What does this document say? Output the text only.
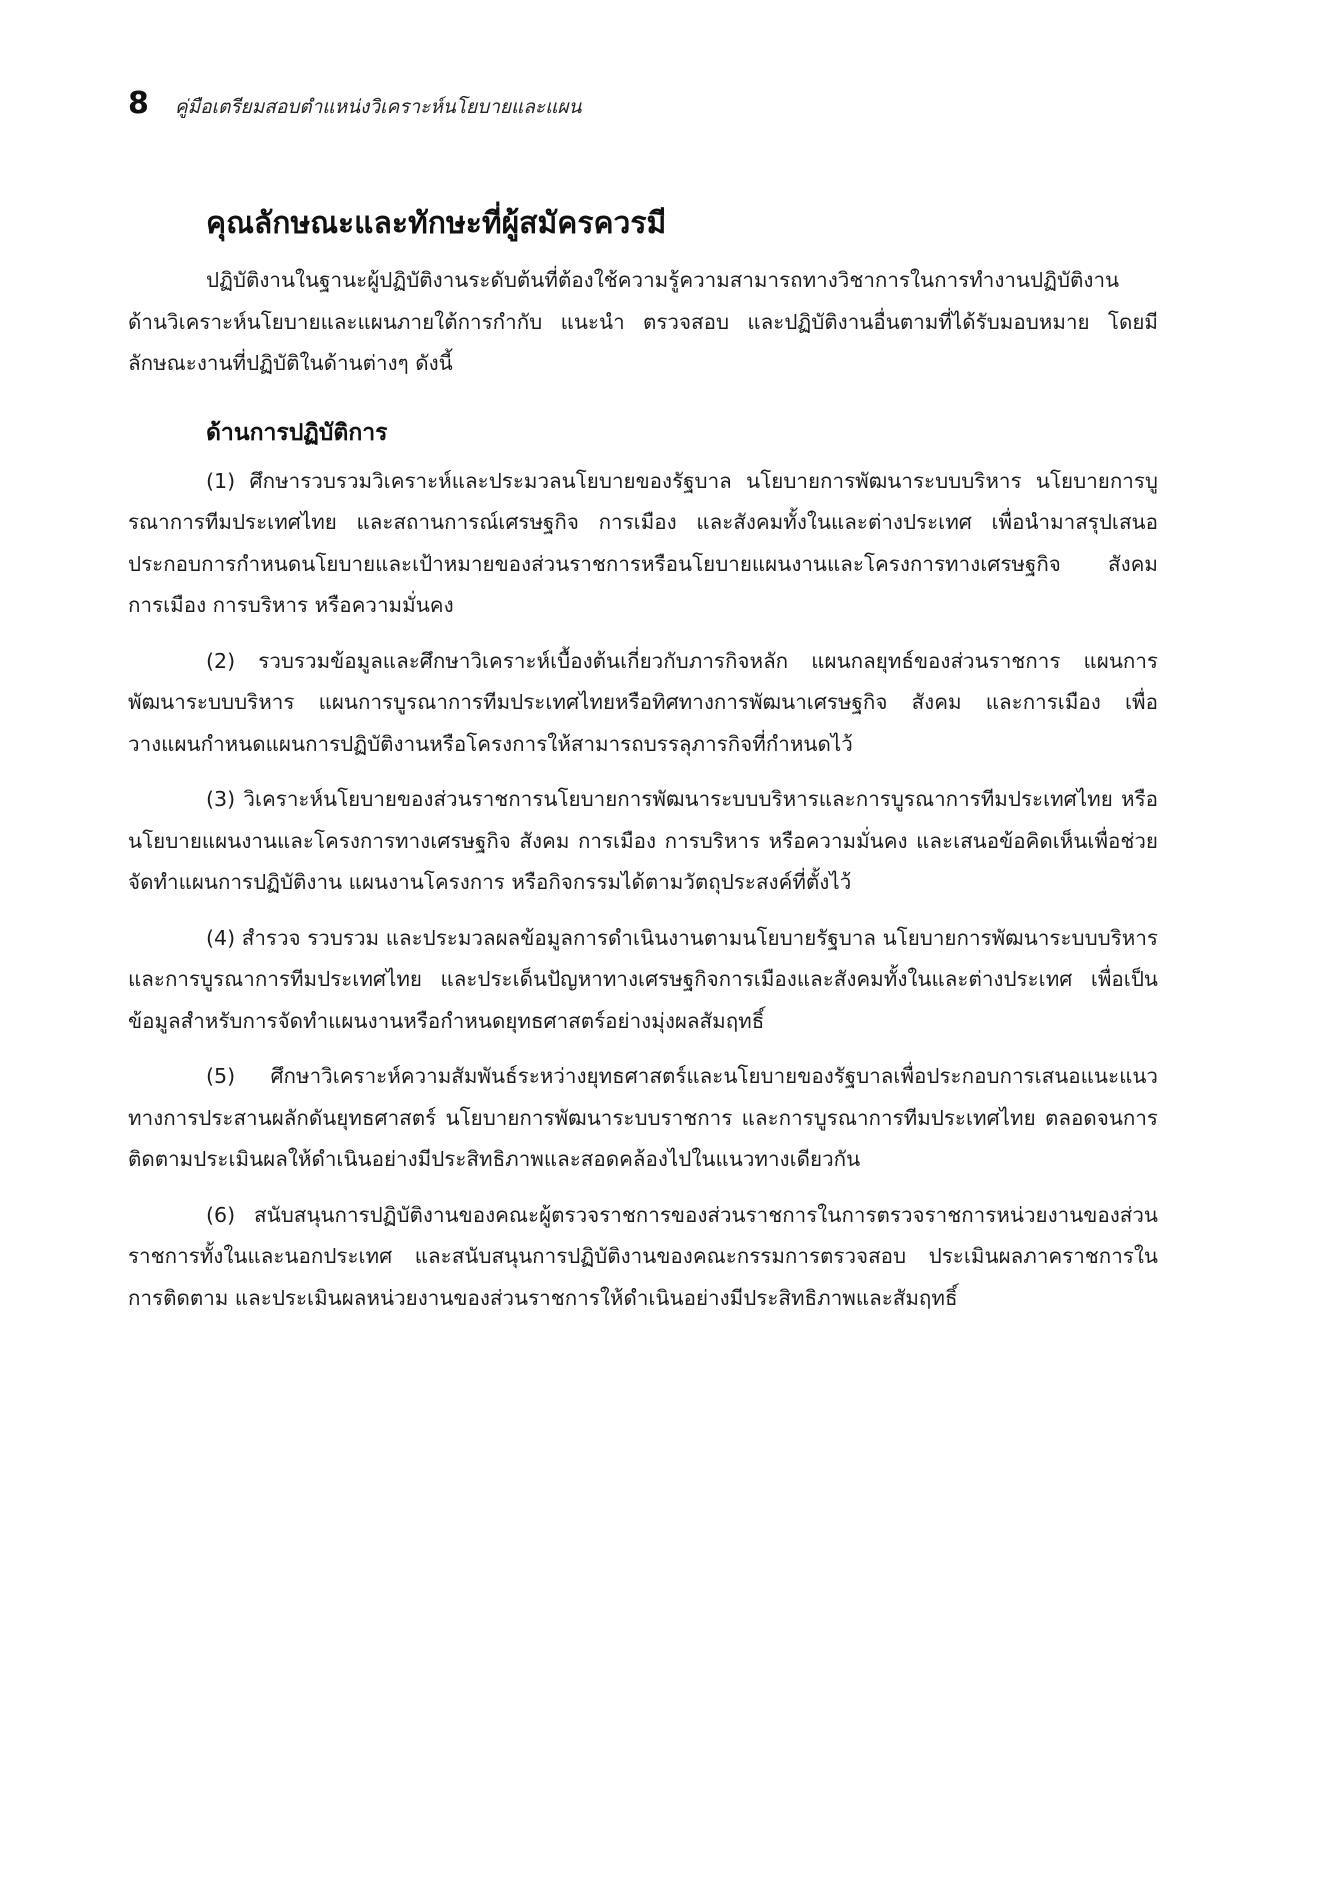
8 คู่มือเตรียมสอบตำแหน่งวิเคราะห์นโยบายและแผน
คุณลักษณะและทักษะที่ผู้สมัครควรมี

ปฏิบัติงานในฐานะผู้ปฏิบัติงานระดับต้นที่ต้องใช้ความรู้ความสามารถทางวิชาการในการทำงานปฏิบัติงานด้านวิเคราะห์นโยบายและแผนภายใต้การกำกับ แนะนำ ตรวจสอบ และปฏิบัติงานอื่นตามที่ได้รับมอบหมาย โดยมีลักษณะงานที่ปฏิบัติในด้านต่างๆ ดังนี้

ด้านการปฏิบัติการ

(1) ศึกษารวบรวมวิเคราะห์และประมวลนโยบายของรัฐบาล นโยบายการพัฒนาระบบบริหาร นโยบายการบูรณาการทีมประเทศไทย และสถานการณ์เศรษฐกิจ การเมือง และสังคมทั้งในและต่างประเทศ เพื่อนำมาสรุปเสนอประกอบการกำหนดนโยบายและเป้าหมายของส่วนราชการหรือนโยบายแผนงานและโครงการทางเศรษฐกิจ สังคม การเมือง การบริหาร หรือความมั่นคง

(2) รวบรวมข้อมูลและศึกษาวิเคราะห์เบื้องต้นเกี่ยวกับภารกิจหลัก แผนกลยุทธ์ของส่วนราชการ แผนการพัฒนาระบบบริหาร แผนการบูรณาการทีมประเทศไทยหรือทิศทางการพัฒนาเศรษฐกิจ สังคม และการเมือง เพื่อวางแผนกำหนดแผนการปฏิบัติงานหรือโครงการให้สามารถบรรลุภารกิจที่กำหนดไว้

(3) วิเคราะห์นโยบายของส่วนราชการนโยบายการพัฒนาระบบบริหารและการบูรณาการทีมประเทศไทย หรือนโยบายแผนงานและโครงการทางเศรษฐกิจ สังคม การเมือง การบริหาร หรือความมั่นคง และเสนอข้อคิดเห็นเพื่อช่วยจัดทำแผนการปฏิบัติงาน แผนงานโครงการ หรือกิจกรรมได้ตามวัตถุประสงค์ที่ตั้งไว้

(4) สำรวจ รวบรวม และประมวลผลข้อมูลการดำเนินงานตามนโยบายรัฐบาล นโยบายการพัฒนาระบบบริหารและการบูรณาการทีมประเทศไทย และประเด็นปัญหาทางเศรษฐกิจการเมืองและสังคมทั้งในและต่างประเทศ เพื่อเป็นข้อมูลสำหรับการจัดทำแผนงานหรือกำหนดยุทธศาสตร์อย่างมุ่งผลสัมฤทธิ์

(5) ศึกษาวิเคราะห์ความสัมพันธ์ระหว่างยุทธศาสตร์และนโยบายของรัฐบาลเพื่อประกอบการเสนอแนะแนวทางการประสานผลักดันยุทธศาสตร์ นโยบายการพัฒนาระบบราชการ และการบูรณาการทีมประเทศไทย ตลอดจนการติดตามประเมินผลให้ดำเนินอย่างมีประสิทธิภาพและสอดคล้องไปในแนวทางเดียวกัน

(6) สนับสนุนการปฏิบัติงานของคณะผู้ตรวจราชการของส่วนราชการในการตรวจราชการหน่วยงานของส่วนราชการทั้งในและนอกประเทศ และสนับสนุนการปฏิบัติงานของคณะกรรมการตรวจสอบ ประเมินผลภาคราชการในการติดตาม และประเมินผลหน่วยงานของส่วนราชการให้ดำเนินอย่างมีประสิทธิภาพและสัมฤทธิ์
